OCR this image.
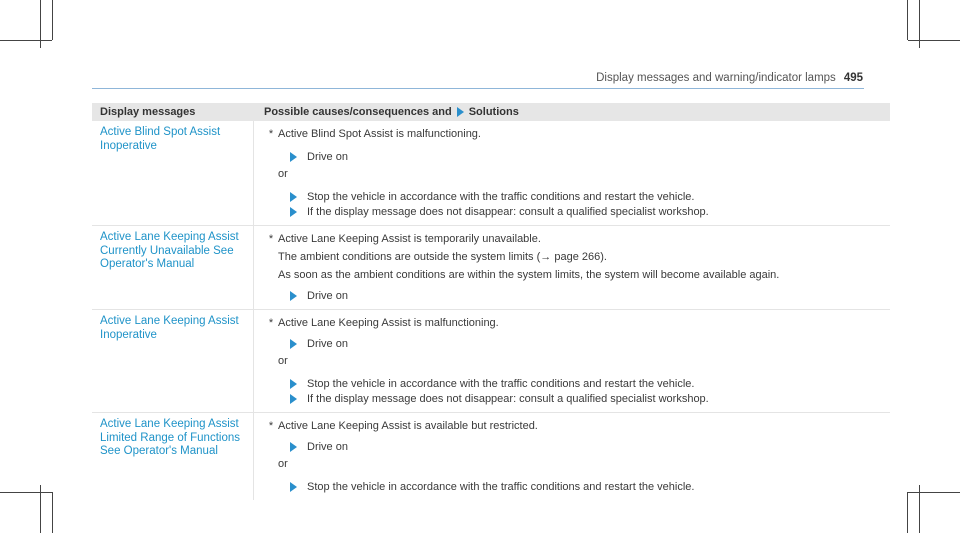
Display messages and warning/indicator lamps 495
Display messages	Possible causes/consequences and Solutions
Active Blind Spot Assist
Inoperative
* Active Blind Spot Assist is malfunctioning.
Drive on
or
Stop the vehicle in accordance with the traffic conditions and restart the vehicle.
If the display message does not disappear: consult a qualified specialist workshop.
Active Lane Keeping Assist
Currently Unavailable See
Operator's Manual
* Active Lane Keeping Assist is temporarily unavailable.
The ambient conditions are outside the system limits (→ page 266).
As soon as the ambient conditions are within the system limits, the system will become available again.
Drive on
Active Lane Keeping Assist
Inoperative
* Active Lane Keeping Assist is malfunctioning.
Drive on
or
Stop the vehicle in accordance with the traffic conditions and restart the vehicle.
If the display message does not disappear: consult a qualified specialist workshop.
Active Lane Keeping Assist
Limited Range of Functions
See Operator's Manual
* Active Lane Keeping Assist is available but restricted.
Drive on
or
Stop the vehicle in accordance with the traffic conditions and restart the vehicle.
